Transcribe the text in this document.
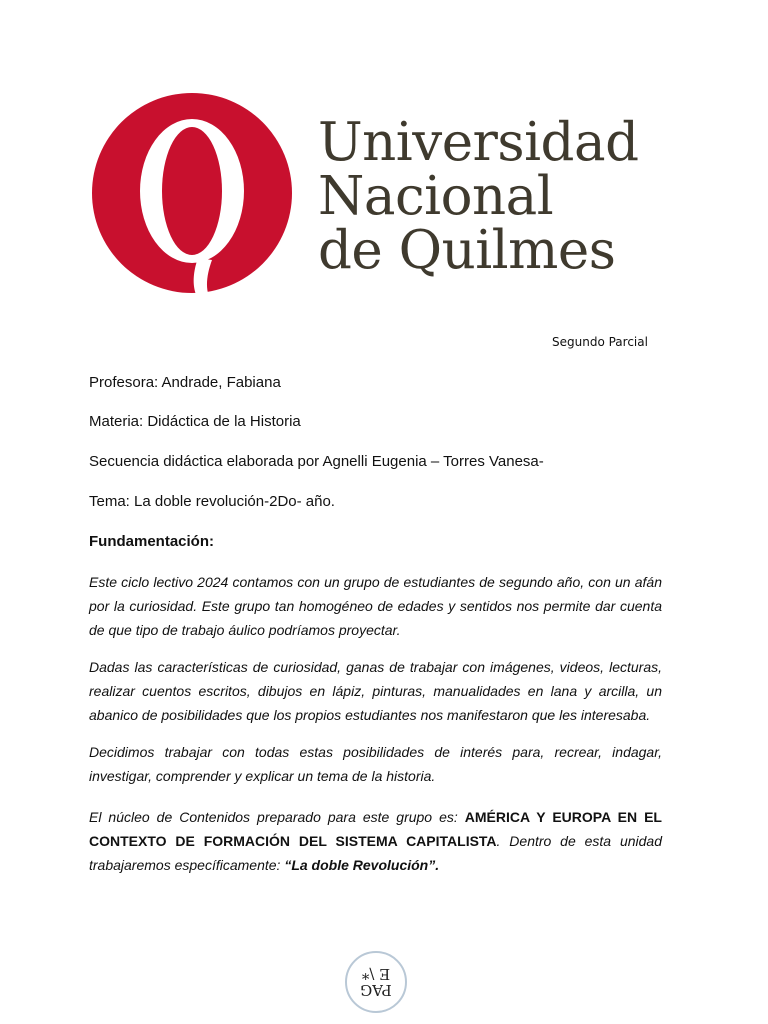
Universidad
Nacional
de Quilmes
Segundo Parcial
Profesora: Andrade, Fabiana
Materia: Didáctica de la Historia
Secuencia didáctica elaborada por Agnelli Eugenia – Torres Vanesa-
Tema: La doble revolución-2Do- año.
Fundamentación:

Este ciclo lectivo 2024 contamos con un grupo de estudiantes de segundo año, con un afán por la curiosidad. Este grupo tan homogéneo de edades y sentidos nos permite dar cuenta de que tipo de trabajo áulico podríamos proyectar.

Dadas las características de curiosidad, ganas de trabajar con imágenes, videos, lecturas, realizar cuentos escritos, dibujos en lápiz, pinturas, manualidades en lana y arcilla, un abanico de posibilidades que los propios estudiantes nos manifestaron que les interesaba.

Decidimos trabajar con todas estas posibilidades de interés para, recrear, indagar, investigar, comprender y explicar un tema de la historia.

El núcleo de Contenidos preparado para este grupo es: AMÉRICA Y EUROPA EN EL CONTEXTO DE FORMACIÓN DEL SISTEMA CAPITALISTA. Dentro de esta unidad trabajaremos específicamente: “La doble Revolución”.

PAG
E \*
